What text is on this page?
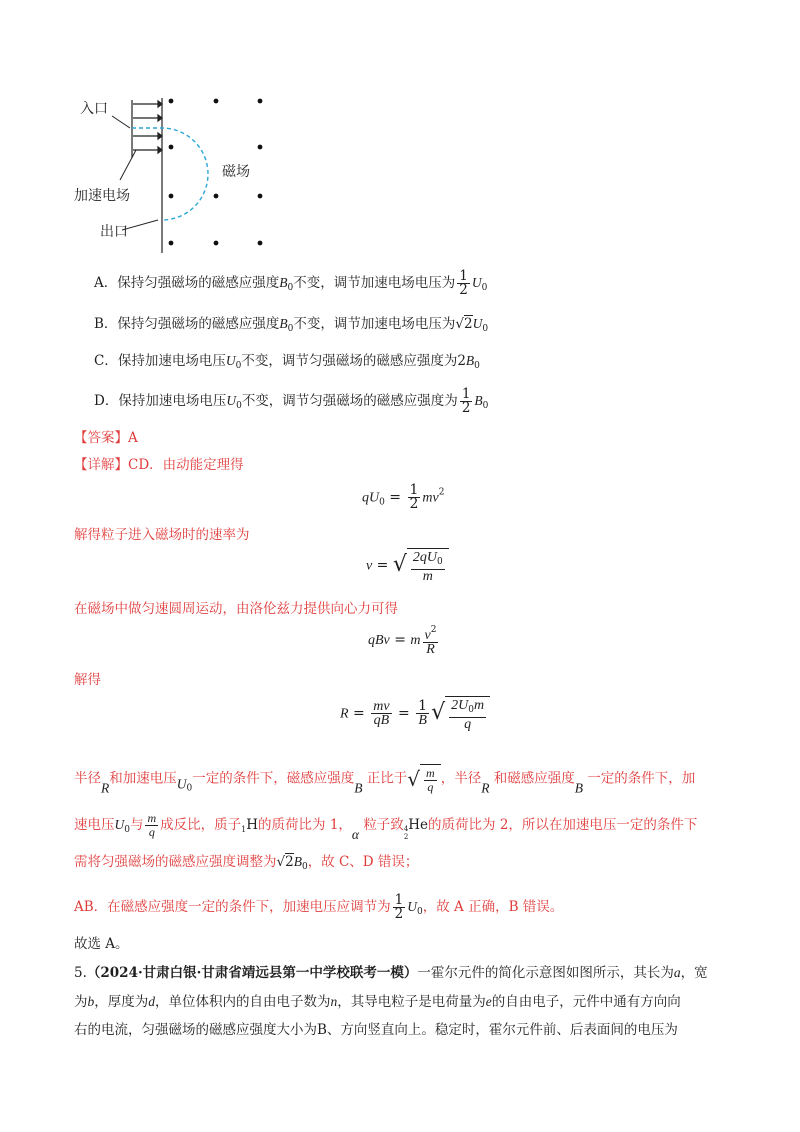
入口
加速电场
出口
磁场
A．保持匀强磁场的磁感应强度$B_0$不变，调节加速电场电压为 $\frac{1}{2} U_0$
B．保持匀强磁场的磁感应强度$B_0$不变，调节加速电场电压为$√2U_0$
C．保持加速电场电压$U_0$不变，调节匀强磁场的磁感应强度为$2B_0$
D．保持加速电场电压$U_0$不变，调节匀强磁场的磁感应强度为 $\frac{1}{2} B_0$
【答案】A
【详解】CD．由动能定理得
$qU_0 = \frac{1}{2} mv^2$
解得粒子进入磁场时的速率为
v = √ $\frac{2qU_0}{m}$
在磁场中做匀速圆周运动，由洛伦兹力提供向心力可得
qBv = m $\frac{v^2}{R}$
解得
$R = \frac{mv}{qB} = \frac{1}{B}$ √ $\frac{2U_0m}{q}$
半径R和加速电压$U_0$一定的条件下，磁感应强度B 正比于 √ $\frac{m}{q}$ ，半径R 和磁感应强度B 一定的条件下，加
速电压$U_0$与 $\frac{m}{q}$ 成反比，质子$_1$H的质荷比为 1，α 粒子致 4
2
He的质荷比为 2，所以在加速电压一定的条件下
需将匀强磁场的磁感应强度调整为$√2B_0$，故 C、D 错误；
AB．在磁感应强度一定的条件下，加速电压应调节为 $\frac{1}{2} U_0$，故 A 正确，B 错误。
故选 A。
5.（2024·甘肃白银·甘肃省靖远县第一中学校联考一模）一霍尔元件的简化示意图如图所示，其长为a，宽
为b，厚度为d，单位体积内的自由电子数为n，其导电粒子是电荷量为e的自由电子，元件中通有方向向
右的电流，匀强磁场的磁感应强度大小为B、方向竖直向上。稳定时，霍尔元件前、后表面间的电压为
